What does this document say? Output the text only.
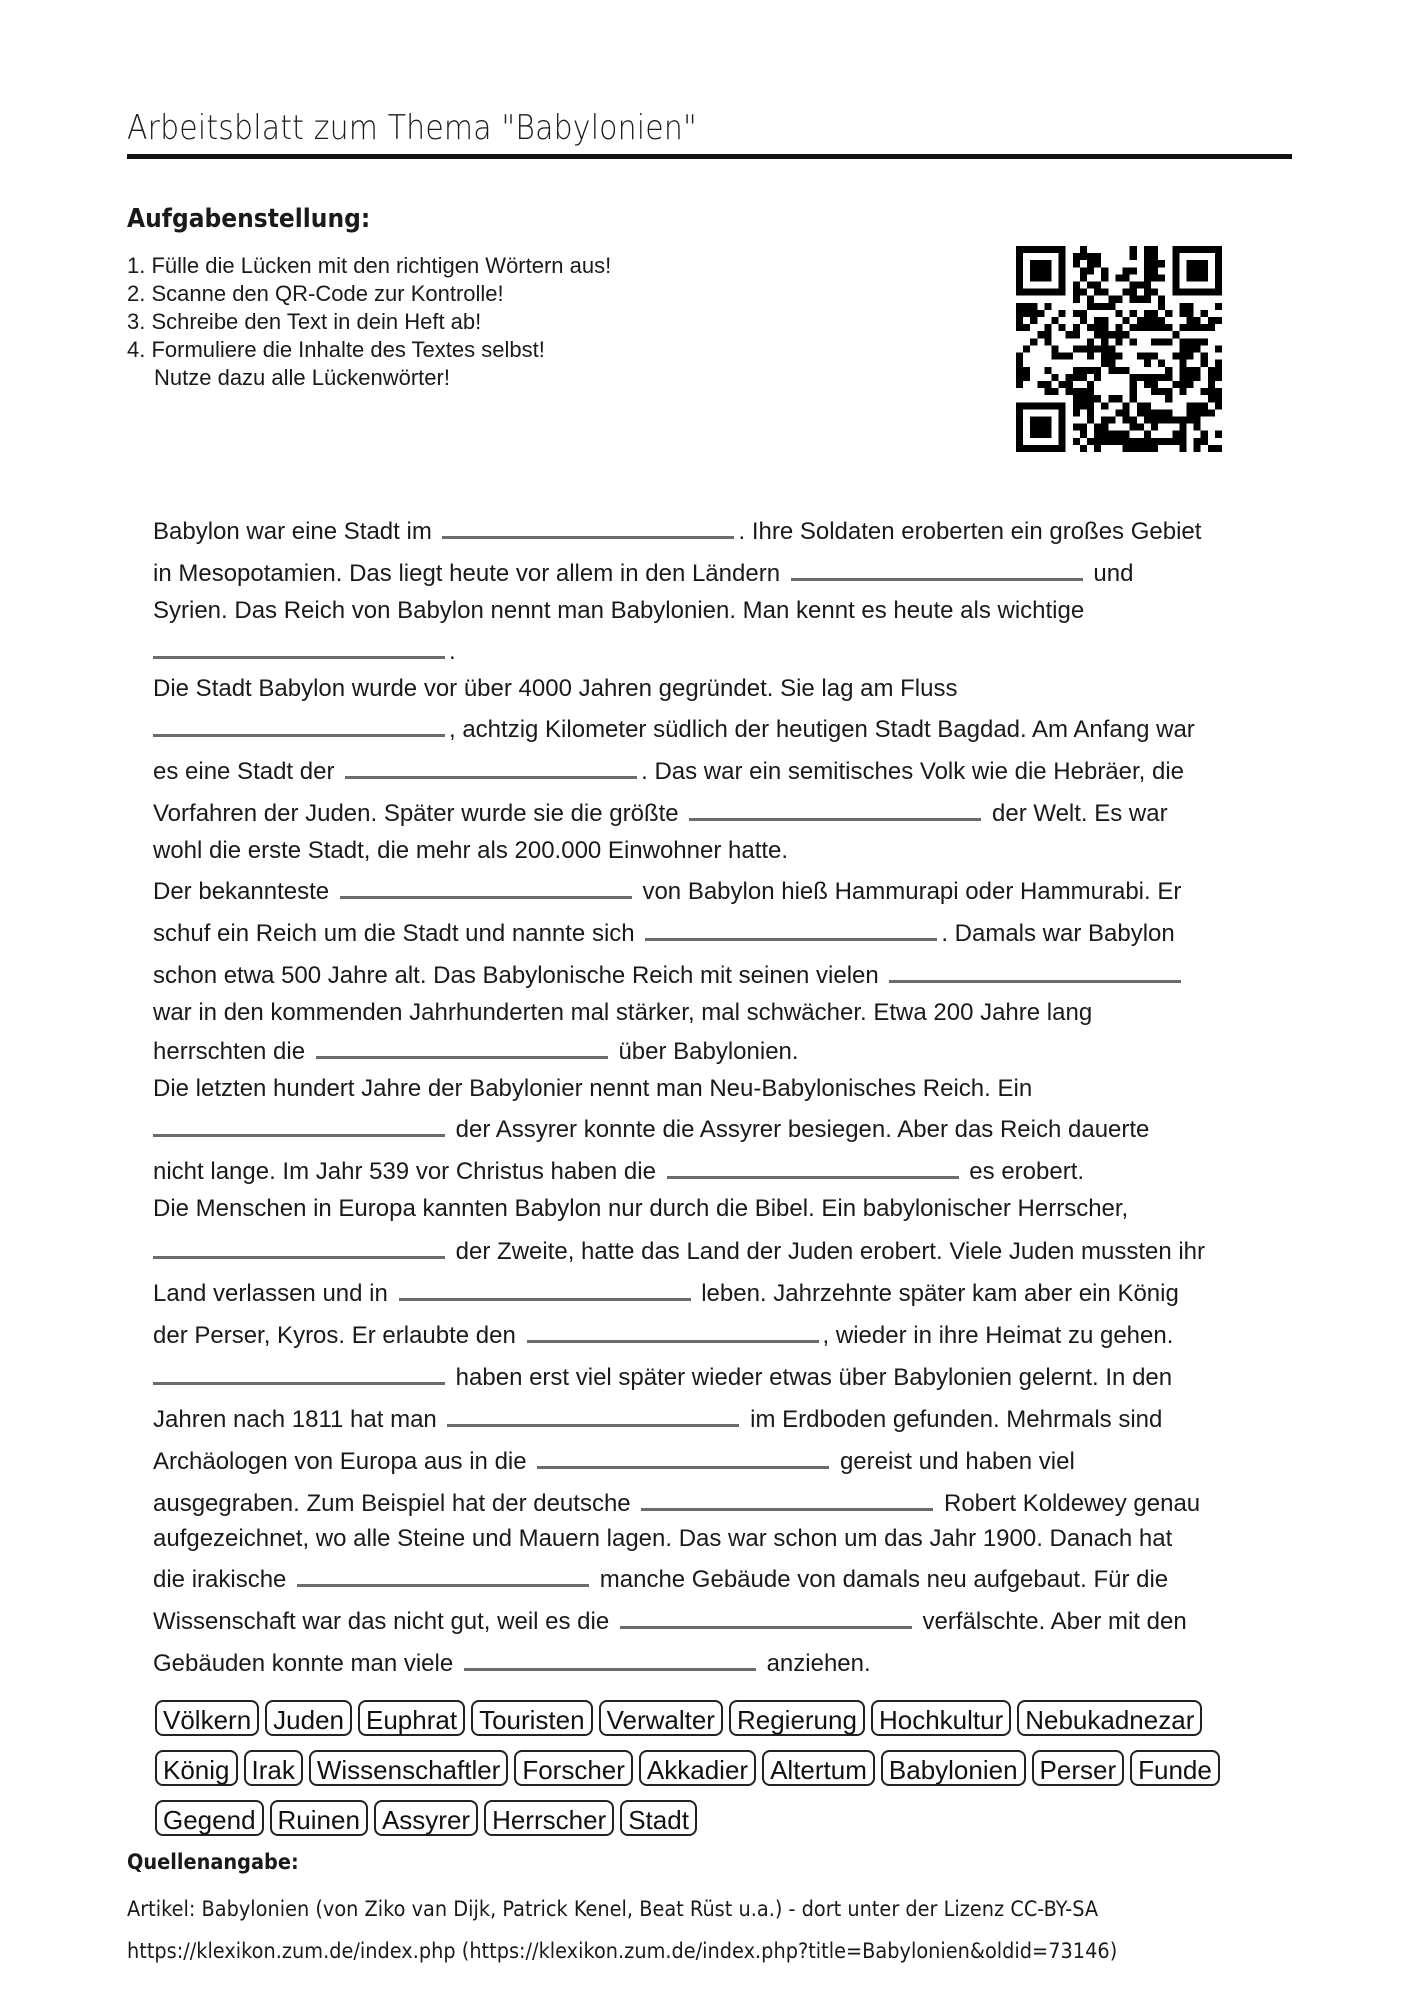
Arbeitsblatt zum Thema "Babylonien"
Aufgabenstellung:
1. Fülle die Lücken mit den richtigen Wörtern aus!
2. Scanne den QR-Code zur Kontrolle!
3. Schreibe den Text in dein Heft ab!
4. Formuliere die Inhalte des Textes selbst!
Nutze dazu alle Lückenwörter!
Babylon war eine Stadt im	. Ihre Soldaten eroberten ein großes Gebiet
in Mesopotamien. Das liegt heute vor allem in den Ländern	und
Syrien. Das Reich von Babylon nennt man Babylonien. Man kennt es heute als wichtige
.
Die Stadt Babylon wurde vor über 4000 Jahren gegründet. Sie lag am Fluss
, achtzig Kilometer südlich der heutigen Stadt Bagdad. Am Anfang war
es eine Stadt der	. Das war ein semitisches Volk wie die Hebräer, die
Vorfahren der Juden. Später wurde sie die größte	der Welt. Es war
wohl die erste Stadt, die mehr als 200.000 Einwohner hatte.
Der bekannteste	von Babylon hieß Hammurapi oder Hammurabi. Er
schuf ein Reich um die Stadt und nannte sich	. Damals war Babylon
schon etwa 500 Jahre alt. Das Babylonische Reich mit seinen vielen
war in den kommenden Jahrhunderten mal stärker, mal schwächer. Etwa 200 Jahre lang
herrschten die	über Babylonien.
Die letzten hundert Jahre der Babylonier nennt man Neu-Babylonisches Reich. Ein
der Assyrer konnte die Assyrer besiegen. Aber das Reich dauerte
nicht lange. Im Jahr 539 vor Christus haben die	es erobert.
Die Menschen in Europa kannten Babylon nur durch die Bibel. Ein babylonischer Herrscher,
der Zweite, hatte das Land der Juden erobert. Viele Juden mussten ihr
Land verlassen und in	leben. Jahrzehnte später kam aber ein König
der Perser, Kyros. Er erlaubte den	, wieder in ihre Heimat zu gehen.
haben erst viel später wieder etwas über Babylonien gelernt. In den
Jahren nach 1811 hat man	im Erdboden gefunden. Mehrmals sind
Archäologen von Europa aus in die	gereist und haben viel
ausgegraben. Zum Beispiel hat der deutsche	Robert Koldewey genau
aufgezeichnet, wo alle Steine und Mauern lagen. Das war schon um das Jahr 1900. Danach hat
die irakische	manche Gebäude von damals neu aufgebaut. Für die
Wissenschaft war das nicht gut, weil es die	verfälschte. Aber mit den
Gebäuden konnte man viele	anziehen.
Völkern Juden Euphrat Touristen Verwalter Regierung Hochkultur Nebukadnezar
König Irak Wissenschaftler Forscher Akkadier Altertum Babylonien Perser Funde
Gegend Ruinen Assyrer Herrscher Stadt
Quellenangabe:
Artikel: Babylonien (von Ziko van Dijk, Patrick Kenel, Beat Rüst u.a.) - dort unter der Lizenz CC-BY-SA
https://klexikon.zum.de/index.php (https://klexikon.zum.de/index.php?title=Babylonien&oldid=73146)
